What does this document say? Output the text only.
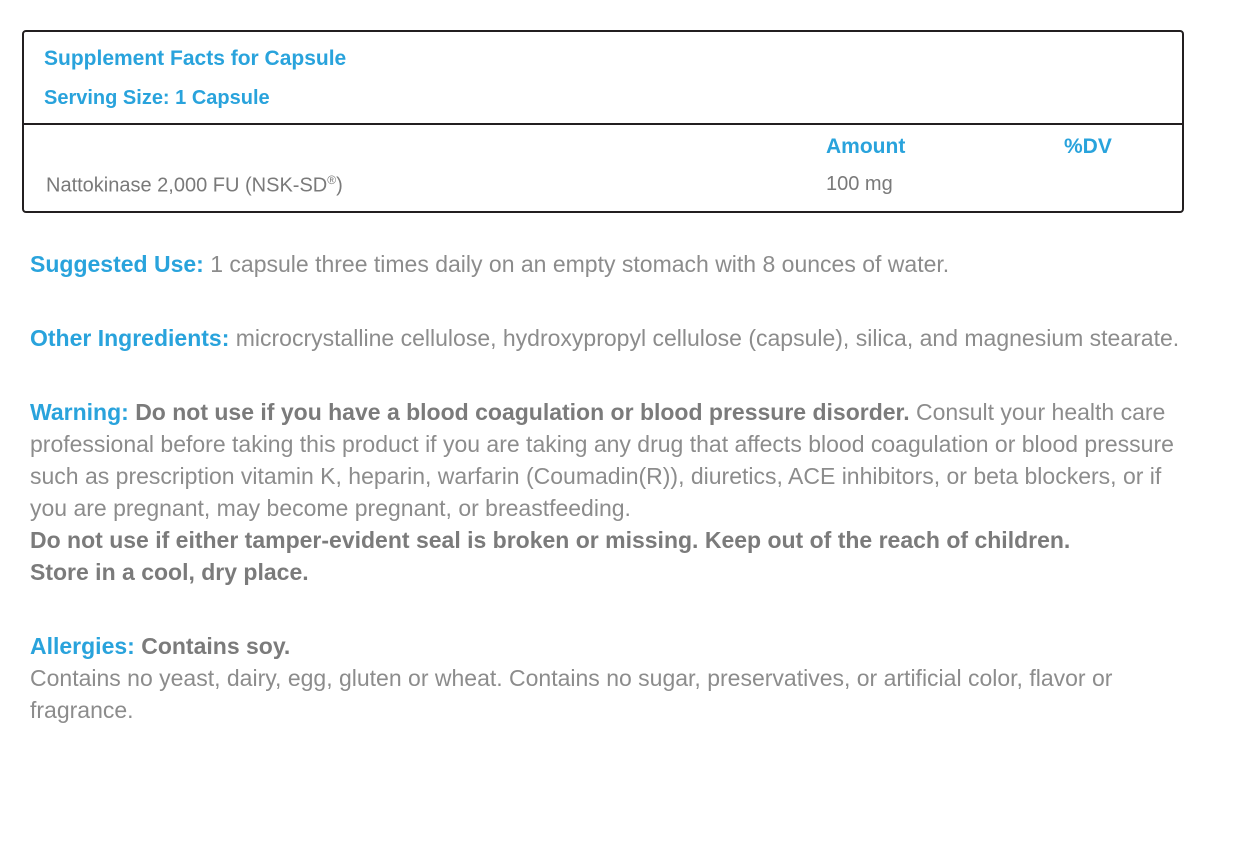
Supplement Facts for Capsule
Serving Size: 1 Capsule
Amount	%DV
Nattokinase 2,000 FU (NSK-SD®)	100 mg
Suggested Use: 1 capsule three times daily on an empty stomach with 8 ounces of water.
Other Ingredients: microcrystalline cellulose, hydroxypropyl cellulose (capsule), silica, and magnesium stearate.
Warning: Do not use if you have a blood coagulation or blood pressure disorder. Consult your health care professional before taking this product if you are taking any drug that affects blood coagulation or blood pressure such as prescription vitamin K, heparin, warfarin (Coumadin(R)), diuretics, ACE inhibitors, or beta blockers, or if you are pregnant, may become pregnant, or breastfeeding.
Do not use if either tamper-evident seal is broken or missing. Keep out of the reach of children.
Store in a cool, dry place.
Allergies: Contains soy.
Contains no yeast, dairy, egg, gluten or wheat. Contains no sugar, preservatives, or artificial color, flavor or fragrance.
